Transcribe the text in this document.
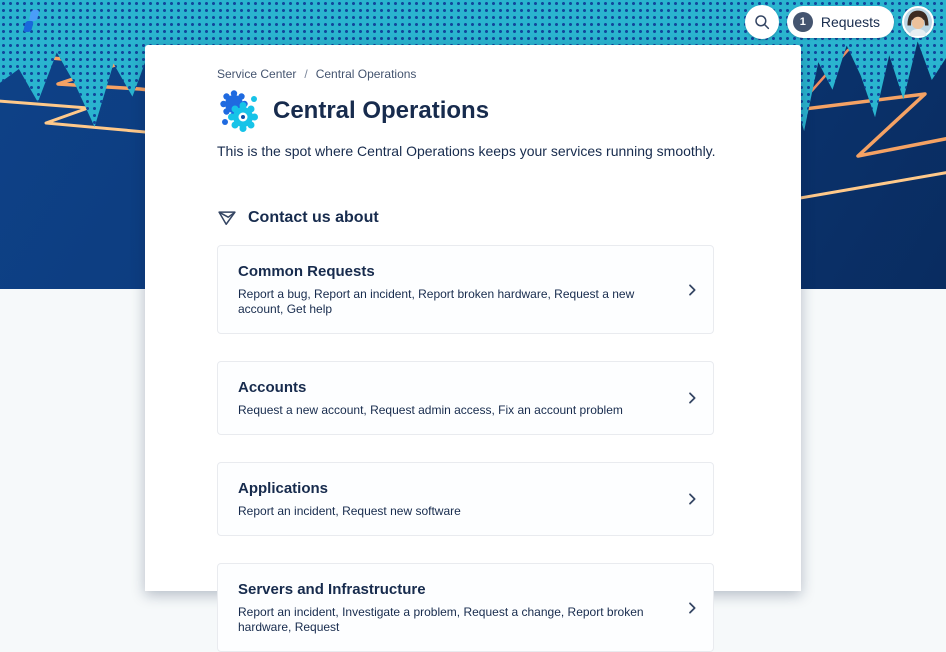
1	Requests
Service Center / Central Operations
Central Operations
This is the spot where Central Operations keeps your services running smoothly.
Contact us about
Common Requests
Report a bug, Report an incident, Report broken hardware, Request a new account, Get help
Accounts
Request a new account, Request admin access, Fix an account problem
Applications
Report an incident, Request new software
Servers and Infrastructure
Report an incident, Investigate a problem, Request a change, Report broken hardware, Request
